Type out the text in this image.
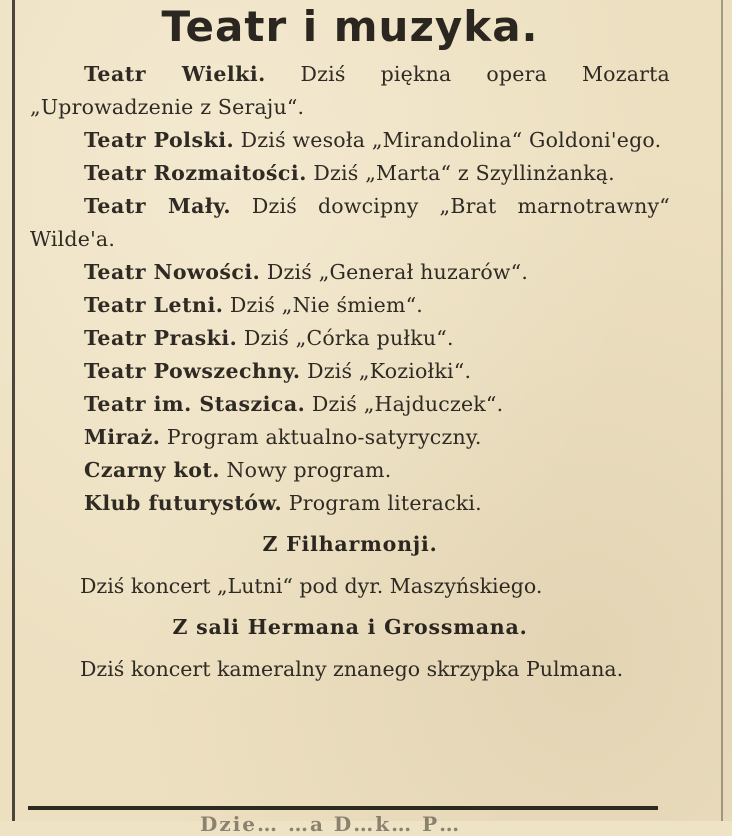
Teatr i muzyka.

Teatr Wielki. Dziś piękna opera Mozarta „Uprowadzenie z Seraju“.

Teatr Polski. Dziś wesoła „Mirandolina“ Goldoni'ego.

Teatr Rozmaitości. Dziś „Marta“ z Szyllinżanką.

Teatr Mały. Dziś dowcipny „Brat marnotrawny“ Wilde'a.

Teatr Nowości. Dziś „Generał huzarów“.

Teatr Letni. Dziś „Nie śmiem“.

Teatr Praski. Dziś „Córka pułku“.

Teatr Powszechny. Dziś „Koziołki“.

Teatr im. Staszica. Dziś „Hajduczek“.

Miraż. Program aktualno-satyryczny.

Czarny kot. Nowy program.

Klub futurystów. Program literacki.

Z Filharmonji.

Dziś koncert „Lutni“ pod dyr. Maszyńskiego.

Z sali Hermana i Grossmana.

Dziś koncert kameralny znanego skrzypka Pulmana.

Dzie… …a D…k… P…
